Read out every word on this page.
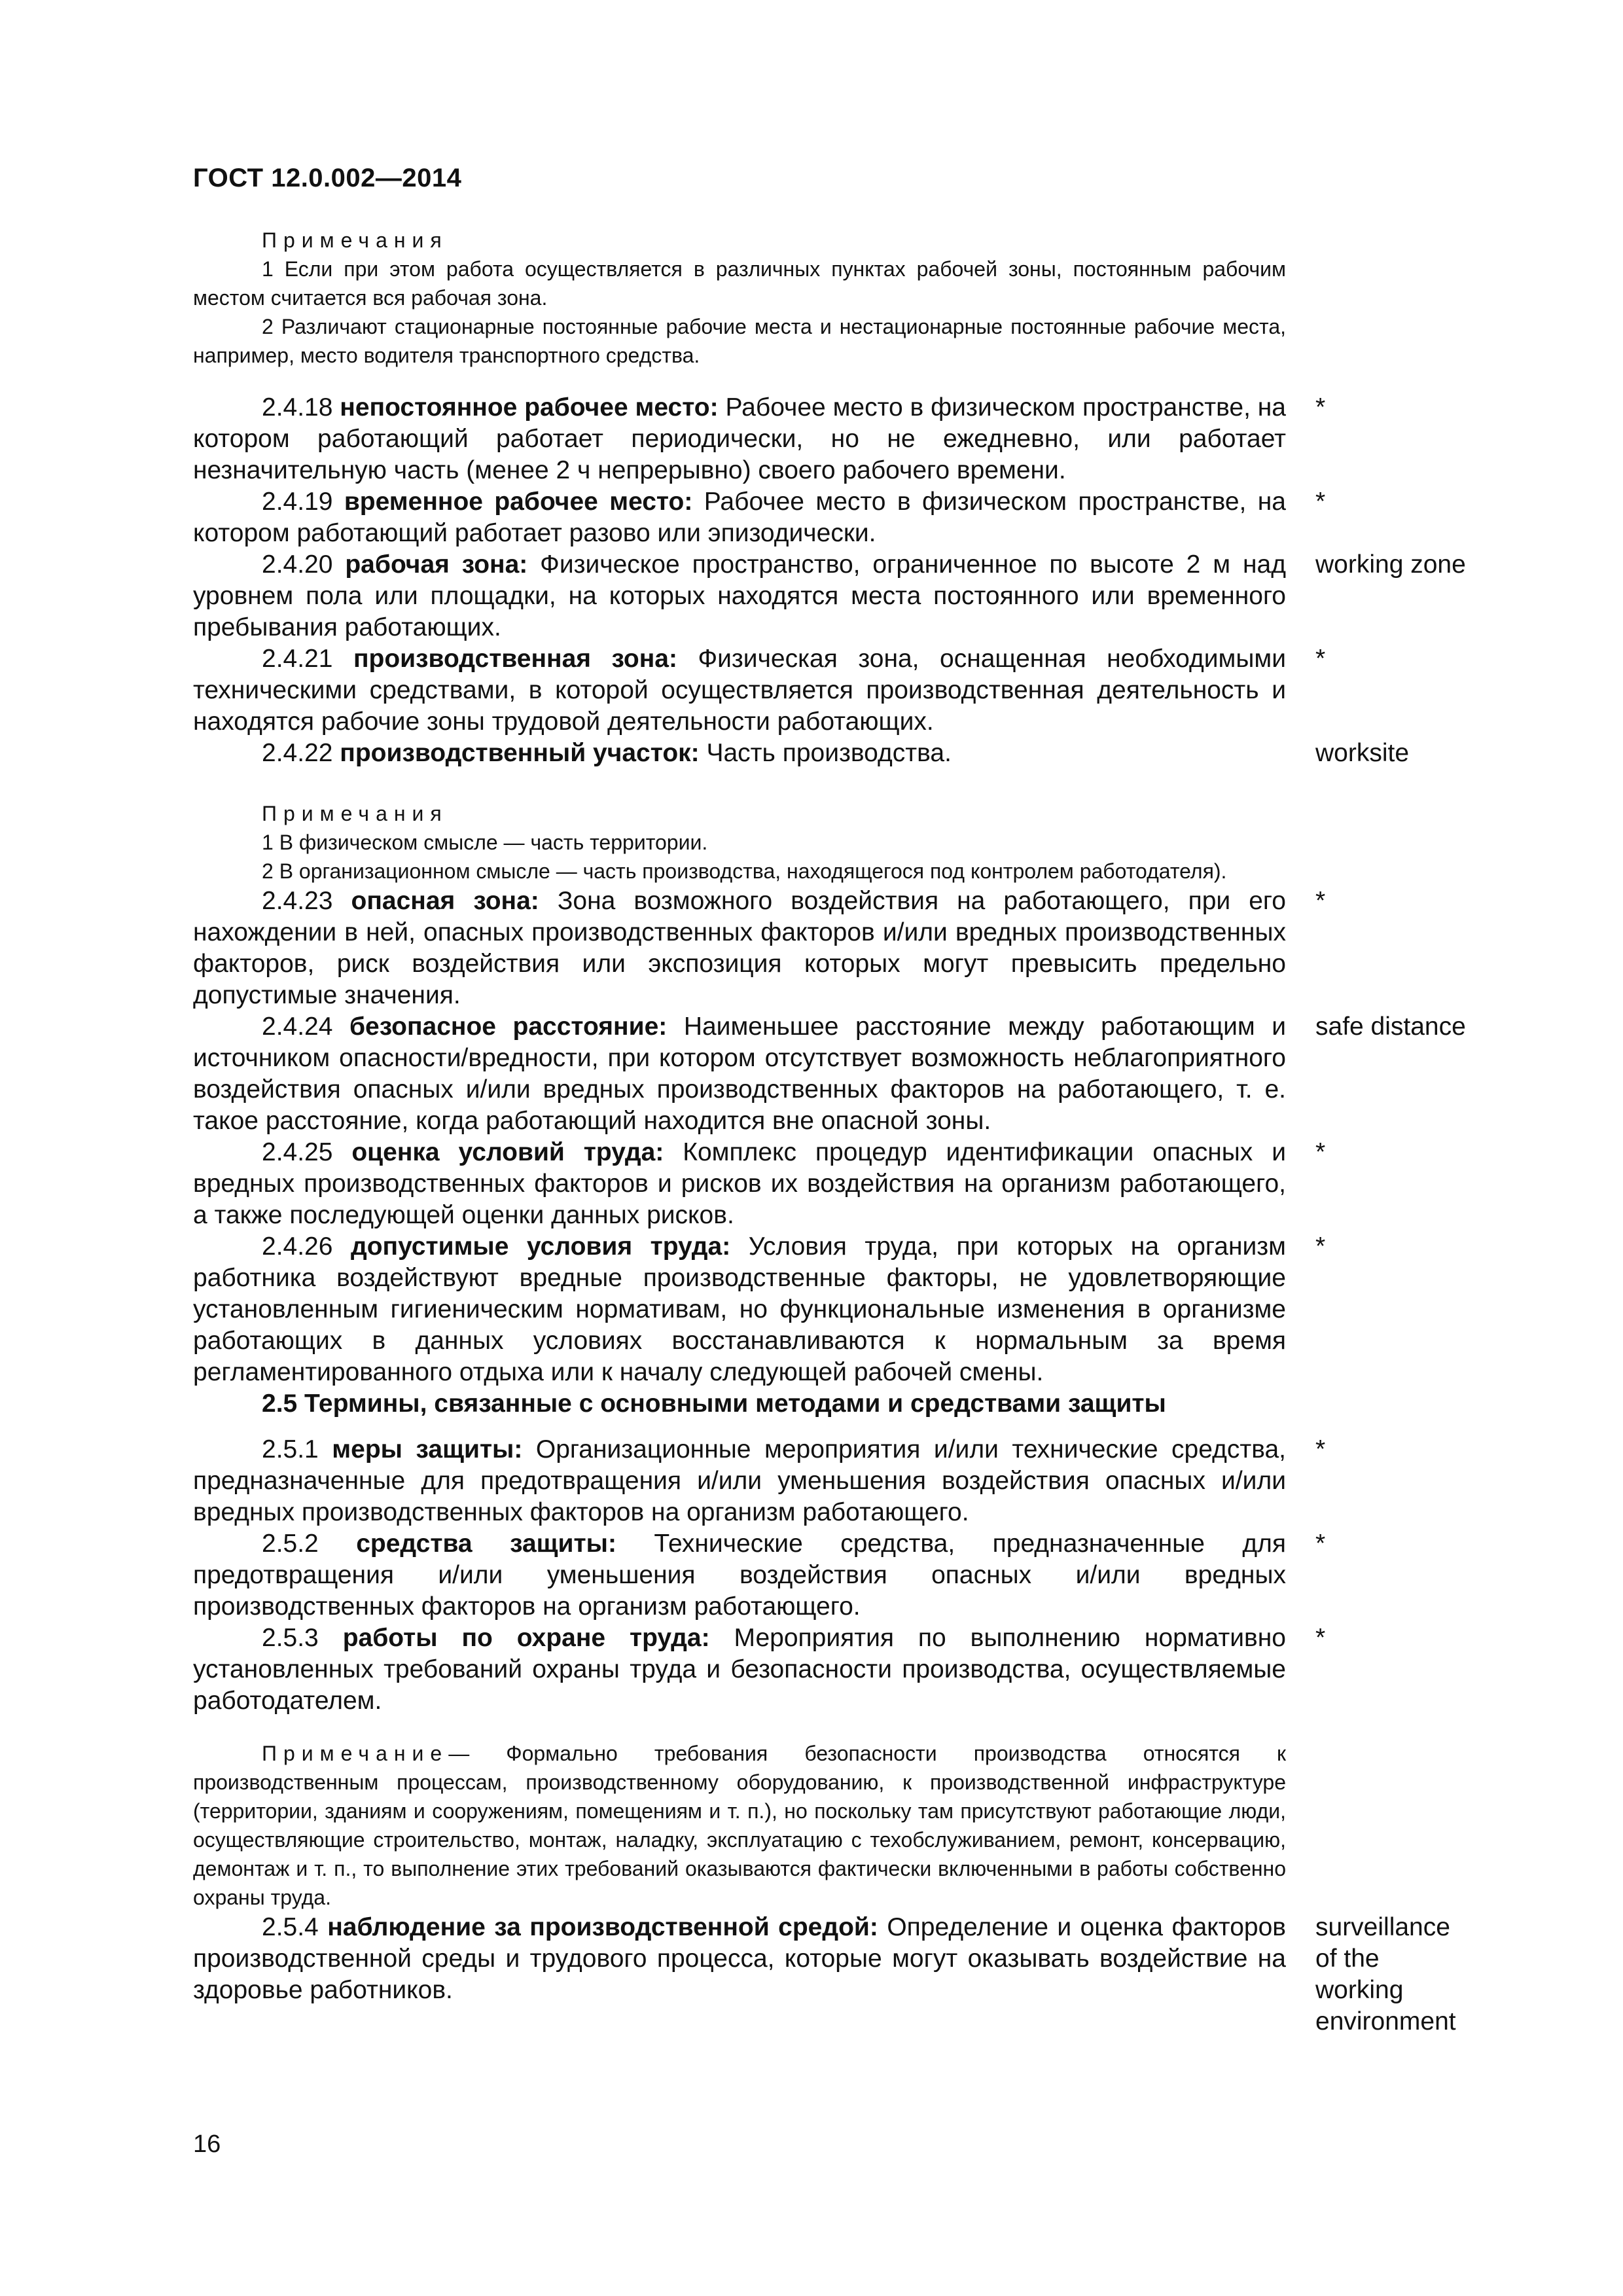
ГОСТ 12.0.002—2014

Примечания

1 Если при этом работа осуществляется в различных пунктах рабочей зоны, постоянным рабочим местом считается вся рабочая зона.

2 Различают стационарные постоянные рабочие места и нестационарные постоянные рабочие места, например, место водителя транспортного средства.

2.4.18 непостоянное рабочее место: Рабочее место в физическом пространстве, на котором работающий работает периодически, но не ежедневно, или работает незначительную часть (менее 2 ч непрерывно) своего рабочего времени.

2.4.19 временное рабочее место: Рабочее место в физическом пространстве, на котором работающий работает разово или эпизодически.

2.4.20 рабочая зона: Физическое пространство, ограниченное по высоте 2 м над уровнем пола или площадки, на которых находятся места постоянного или временного пребывания работающих.

2.4.21 производственная зона: Физическая зона, оснащенная необходимыми техническими средствами, в которой осуществляется производственная деятельность и находятся рабочие зоны трудовой деятельности работающих.

2.4.22 производственный участок: Часть производства.

Примечания

1 В физическом смысле — часть территории.

2 В организационном смысле — часть производства, находящегося под контролем работодателя).

2.4.23 опасная зона: Зона возможного воздействия на работающего, при его нахождении в ней, опасных производственных факторов и/или вредных производственных факторов, риск воздействия или экспозиция которых могут превысить предельно допустимые значения.

2.4.24 безопасное расстояние: Наименьшее расстояние между работающим и источником опасности/вредности, при котором отсутствует возможность неблагоприятного воздействия опасных и/или вредных производственных факторов на работающего, т. е. такое расстояние, когда работающий находится вне опасной зоны.

2.4.25 оценка условий труда: Комплекс процедур идентификации опасных и вредных производственных факторов и рисков их воздействия на организм работающего, а также последующей оценки данных рисков.

2.4.26 допустимые условия труда: Условия труда, при которых на организм работника воздействуют вредные производственные факторы, не удовлетворяющие установленным гигиеническим нормативам, но функциональные изменения в организме работающих в данных условиях восстанавливаются к нормальным за время регламентированного отдыха или к началу следующей рабочей смены.

2.5 Термины, связанные с основными методами и средствами защиты

2.5.1 меры защиты: Организационные мероприятия и/или технические средства, предназначенные для предотвращения и/или уменьшения воздействия опасных и/или вредных производственных факторов на организм работающего.

2.5.2 средства защиты: Технические средства, предназначенные для предотвращения и/или уменьшения воздействия опасных и/или вредных производственных факторов на организм работающего.

2.5.3 работы по охране труда: Мероприятия по выполнению нормативно установленных требований охраны труда и безопасности производства, осуществляемые работодателем.

Примечание— Формально требования безопасности производства относятся к производственным процессам, производственному оборудованию, к производственной инфраструктуре (территории, зданиям и сооружениям, помещениям и т. п.), но поскольку там присутствуют работающие люди, осуществляющие строительство, монтаж, наладку, эксплуатацию с техобслуживанием, ремонт, консервацию, демонтаж и т. п., то выполнение этих требований оказываются фактически включенными в работы собственно охраны труда.

2.5.4 наблюдение за производственной средой: Определение и оценка факторов производственной среды и трудового процесса, которые могут оказывать воздействие на здоровье работников.

*
*
working zone
*
worksite
*
safe distance
*
*
*
*
*
surveillance
of the
working
environment
16
